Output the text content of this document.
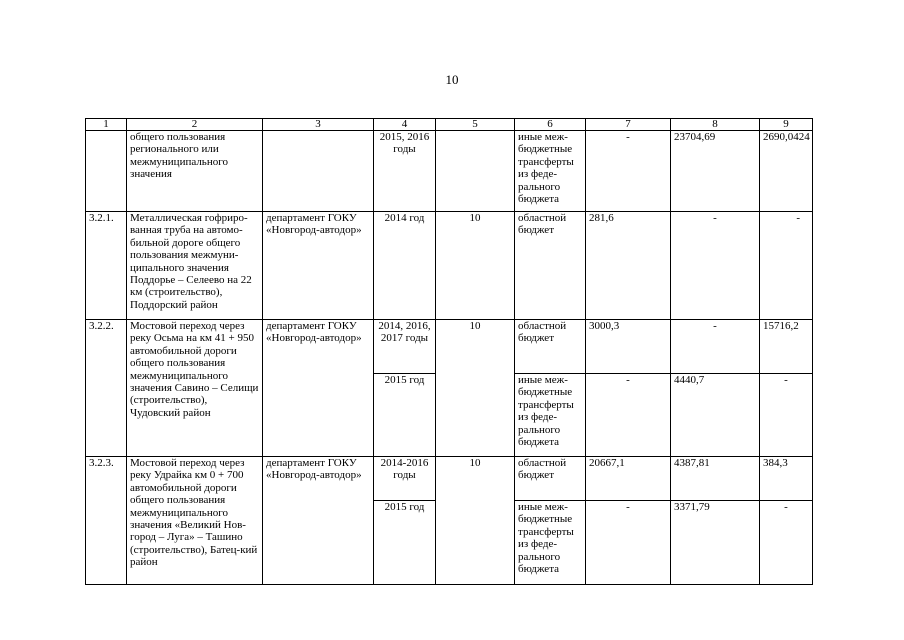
10
1	2	3	4	5	6	7	8	9
	общего пользования регионального или межмуниципального значения		2015, 2016 годы		иные меж-бюджетные трансферты из феде-рального бюджета	-	23704,69	2690,0424
3.2.1.	Металлическая гофриро-ванная труба на автомо-бильной дороге общего пользования межмуни-ципального значения Поддорье – Селеево на 22 км (строительство), Поддорский район	департамент ГОКУ «Новгород-автодор»	2014 год	10	областной бюджет	281,6	-	-
3.2.2.	Мостовой переход через реку Осьма на км 41 + 950 автомобильной дороги общего пользования межмуниципального значения Савино – Селищи (строительство), Чудовский район	департамент ГОКУ «Новгород-автодор»	2014, 2016, 2017 годы	10	областной бюджет	3000,3	-	15716,2
			2015 год		иные меж-бюджетные трансферты из феде-рального бюджета	-	4440,7	-
3.2.3.	Мостовой переход через реку Удрайка км 0 + 700 автомобильной дороги общего пользования межмуниципального значения «Великий Нов-город – Луга» – Ташино (строительство), Батец-кий район	департамент ГОКУ «Новгород-автодор»	2014-2016 годы	10	областной бюджет	20667,1	4387,81	384,3
			2015 год		иные меж-бюджетные трансферты из феде-рального бюджета	-	3371,79	-
